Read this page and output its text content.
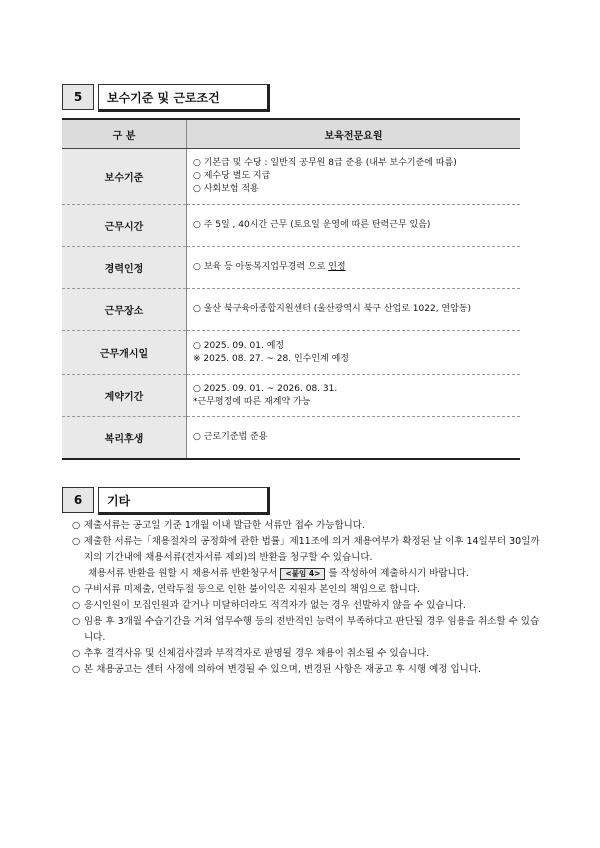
5	보수기준 및 근로조건
구 분	보육전문요원
보수기준	○ 기본급 및 수당 : 일반직 공무원 8급 준용 (내부 보수기준에 따름)
○ 제수당 별도 지급
○ 사회보험 적용

근무시간	○ 주 5일 , 40시간 근무 (토요일 운영에 따른 탄력근무 있음)

경력인정	○ 보육 등 아동복지업무경력 으로 인정
근무장소	○ 울산 북구육아종합지원센터 (울산광역시 북구 산업로 1022, 연암동)

근무개시일	○ 2025. 09. 01. 예정
※ 2025. 08. 27. ~ 28. 인수인계 예정

계약기간	○ 2025. 09. 01. ~ 2026. 08. 31.
*근무평정에 따른 재계약 가능

복리후생	○ 근로기준법 준용
6	기타
○ 제출서류는 공고일 기준 1개월 이내 발급한 서류만 접수 가능합니다.
○ 제출한 서류는「채용절차의 공정화에 관한 법률」제11조에 의거 채용여부가 확정된 날 이후 14일부터 30일까지의 기간내에 채용서류(전자서류 제외)의 반환을 청구할 수 있습니다.
채용서류 반환을 원할 시 채용서류 반환청구서 <붙임 4> 를 작성하여 제출하시기 바랍니다.
○ 구비서류 미제출, 연락두절 등으로 인한 불이익은 지원자 본인의 책임으로 합니다.
○ 응시인원이 모집인원과 같거나 미달하더라도 적격자가 없는 경우 선발하지 않을 수 있습니다.
○ 임용 후 3개월 수습기간을 거쳐 업무수행 등의 전반적인 능력이 부족하다고 판단될 경우 임용을 취소할 수 있습니다.
○ 추후 결격사유 및 신체검사결과 부적격자로 판명될 경우 채용이 취소될 수 있습니다.
○ 본 채용공고는 센터 사정에 의하여 변경될 수 있으며, 변경된 사항은 재공고 후 시행 예정 입니다.
